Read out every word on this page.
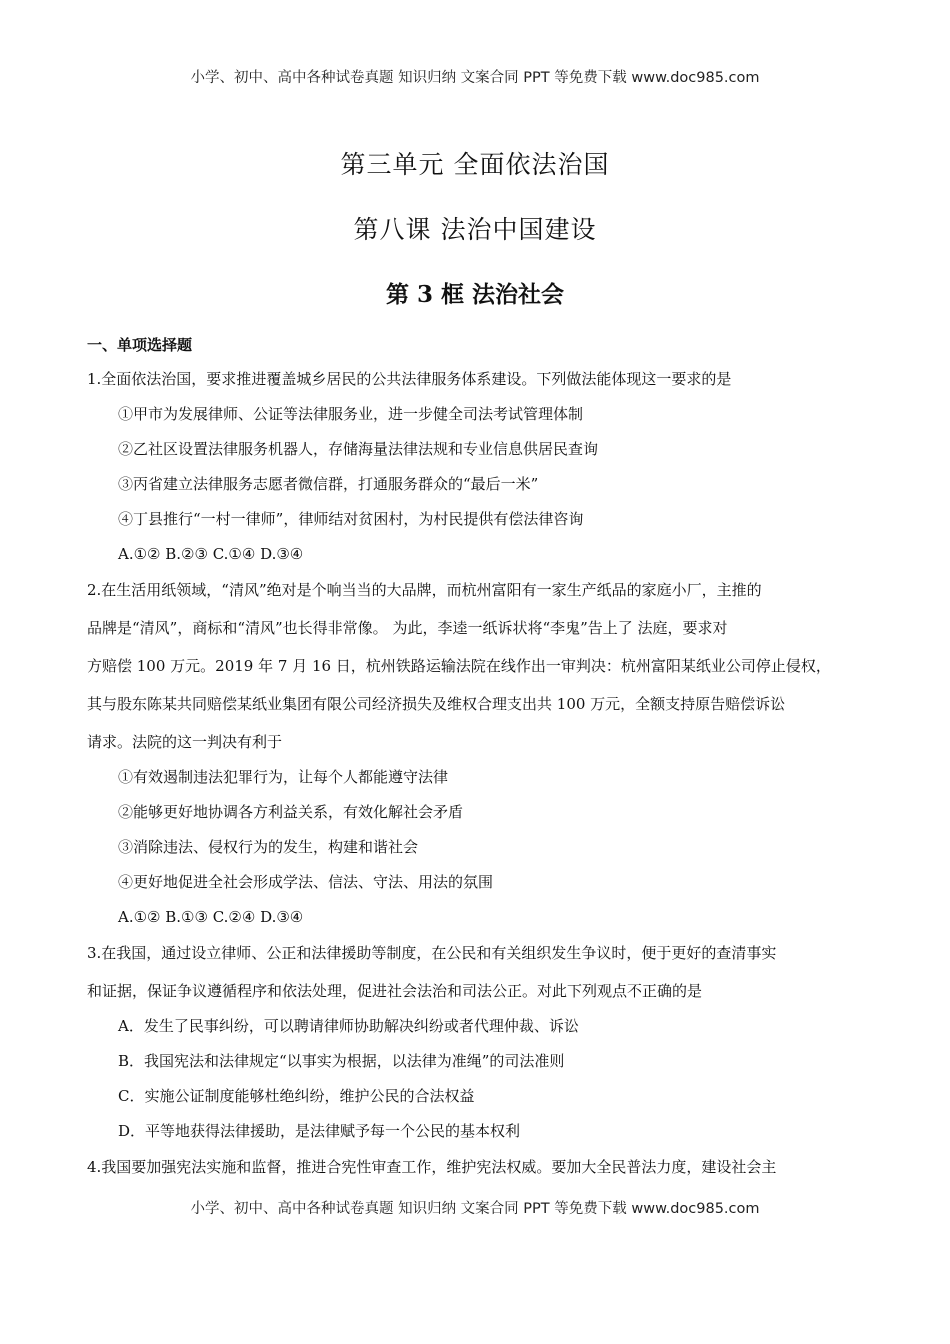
小学、初中、高中各种试卷真题 知识归纳 文案合同 PPT 等免费下载 www.doc985.com
第三单元 全面依法治国
第八课 法治中国建设
第 3 框 法治社会
一、单项选择题
1.全面依法治国，要求推进覆盖城乡居民的公共法律服务体系建设。下列做法能体现这一要求的是
①甲市为发展律师、公证等法律服务业，进一步健全司法考试管理体制
②乙社区设置法律服务机器人，存储海量法律法规和专业信息供居民查询
③丙省建立法律服务志愿者微信群，打通服务群众的“最后一米”
④丁县推行“一村一律师”，律师结对贫困村，为村民提供有偿法律咨询
A.①② B.②③ C.①④ D.③④
2.在生活用纸领域，“清风”绝对是个响当当的大品牌，而杭州富阳有一家生产纸品的家庭小厂，主推的
品牌是“清风”，商标和“清风”也长得非常像。 为此，李逵一纸诉状将“李鬼”告上了 法庭，要求对
方赔偿 100 万元。2019 年 7 月 16 日，杭州铁路运输法院在线作出一审判决：杭州富阳某纸业公司停止侵权，
其与股东陈某共同赔偿某纸业集团有限公司经济损失及维权合理支出共 100 万元，全额支持原告赔偿诉讼
请求。法院的这一判决有利于
①有效遏制违法犯罪行为，让每个人都能遵守法律
②能够更好地协调各方利益关系，有效化解社会矛盾
③消除违法、侵权行为的发生，构建和谐社会
④更好地促进全社会形成学法、信法、守法、用法的氛围
A.①② B.①③ C.②④ D.③④
3.在我国，通过设立律师、公正和法律援助等制度，在公民和有关组织发生争议时，便于更好的查清事实
和证据，保证争议遵循程序和依法处理，促进社会法治和司法公正。对此下列观点不正确的是
A．发生了民事纠纷，可以聘请律师协助解决纠纷或者代理仲裁、诉讼
B．我国宪法和法律规定“以事实为根据，以法律为准绳”的司法准则
C．实施公证制度能够杜绝纠纷，维护公民的合法权益
D．平等地获得法律援助，是法律赋予每一个公民的基本权利
4.我国要加强宪法实施和监督，推进合宪性审查工作，维护宪法权威。要加大全民普法力度，建设社会主
小学、初中、高中各种试卷真题 知识归纳 文案合同 PPT 等免费下载 www.doc985.com
